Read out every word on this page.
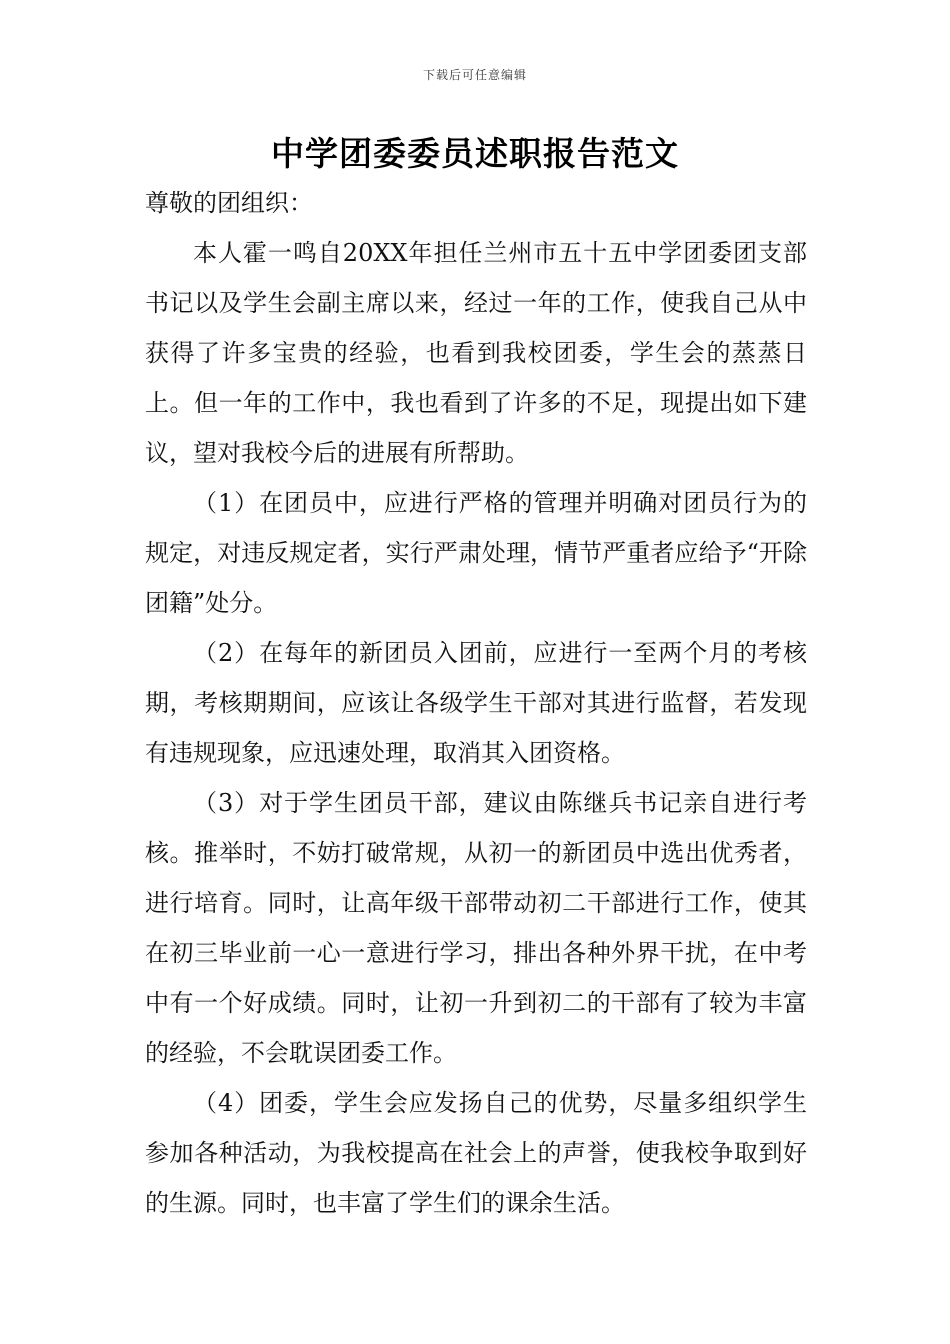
下载后可任意编辑
中学团委委员述职报告范文

尊敬的团组织：

本人霍一鸣自20XX年担任兰州市五十五中学团委团支部书记以及学生会副主席以来，经过一年的工作，使我自己从中获得了许多宝贵的经验，也看到我校团委，学生会的蒸蒸日上。但一年的工作中，我也看到了许多的不足，现提出如下建议，望对我校今后的进展有所帮助。

（1）在团员中，应进行严格的管理并明确对团员行为的规定，对违反规定者，实行严肃处理，情节严重者应给予“开除团籍”处分。

（2）在每年的新团员入团前，应进行一至两个月的考核期，考核期期间，应该让各级学生干部对其进行监督，若发现有违规现象，应迅速处理，取消其入团资格。

（3）对于学生团员干部，建议由陈继兵书记亲自进行考核。推举时，不妨打破常规，从初一的新团员中选出优秀者，进行培育。同时，让高年级干部带动初二干部进行工作，使其在初三毕业前一心一意进行学习，排出各种外界干扰，在中考中有一个好成绩。同时，让初一升到初二的干部有了较为丰富的经验，不会耽误团委工作。

（4）团委，学生会应发扬自己的优势，尽量多组织学生参加各种活动，为我校提高在社会上的声誉，使我校争取到好的生源。同时，也丰富了学生们的课余生活。
